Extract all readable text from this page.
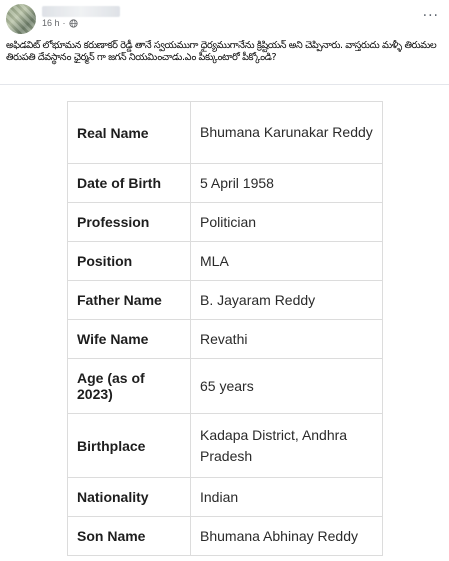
16 h ·	···
అఫిడవిట్ లోభూమన కరుణాకర్ రెడ్డీ తానే స్వయముగా ధైర్యముగానేను క్రిష్టియన్ అని చెప్పినారు. వాస్తరుదు మళ్ళీ తిరుమల తిరుపతి దేవస్థానం ఛైర్మన్ గా జగన్ నియమించాడు.ఎం పీక్కుంటారో పీక్కోండి?
Real Name	Bhumana Karunakar Reddy
Date of Birth	5 April 1958
Profession	Politician
Position	MLA
Father Name	B. Jayaram Reddy
Wife Name	Revathi
Age (as of 2023)	65 years
Birthplace	Kadapa District, Andhra Pradesh
Nationality	Indian
Son Name	Bhumana Abhinay Reddy
